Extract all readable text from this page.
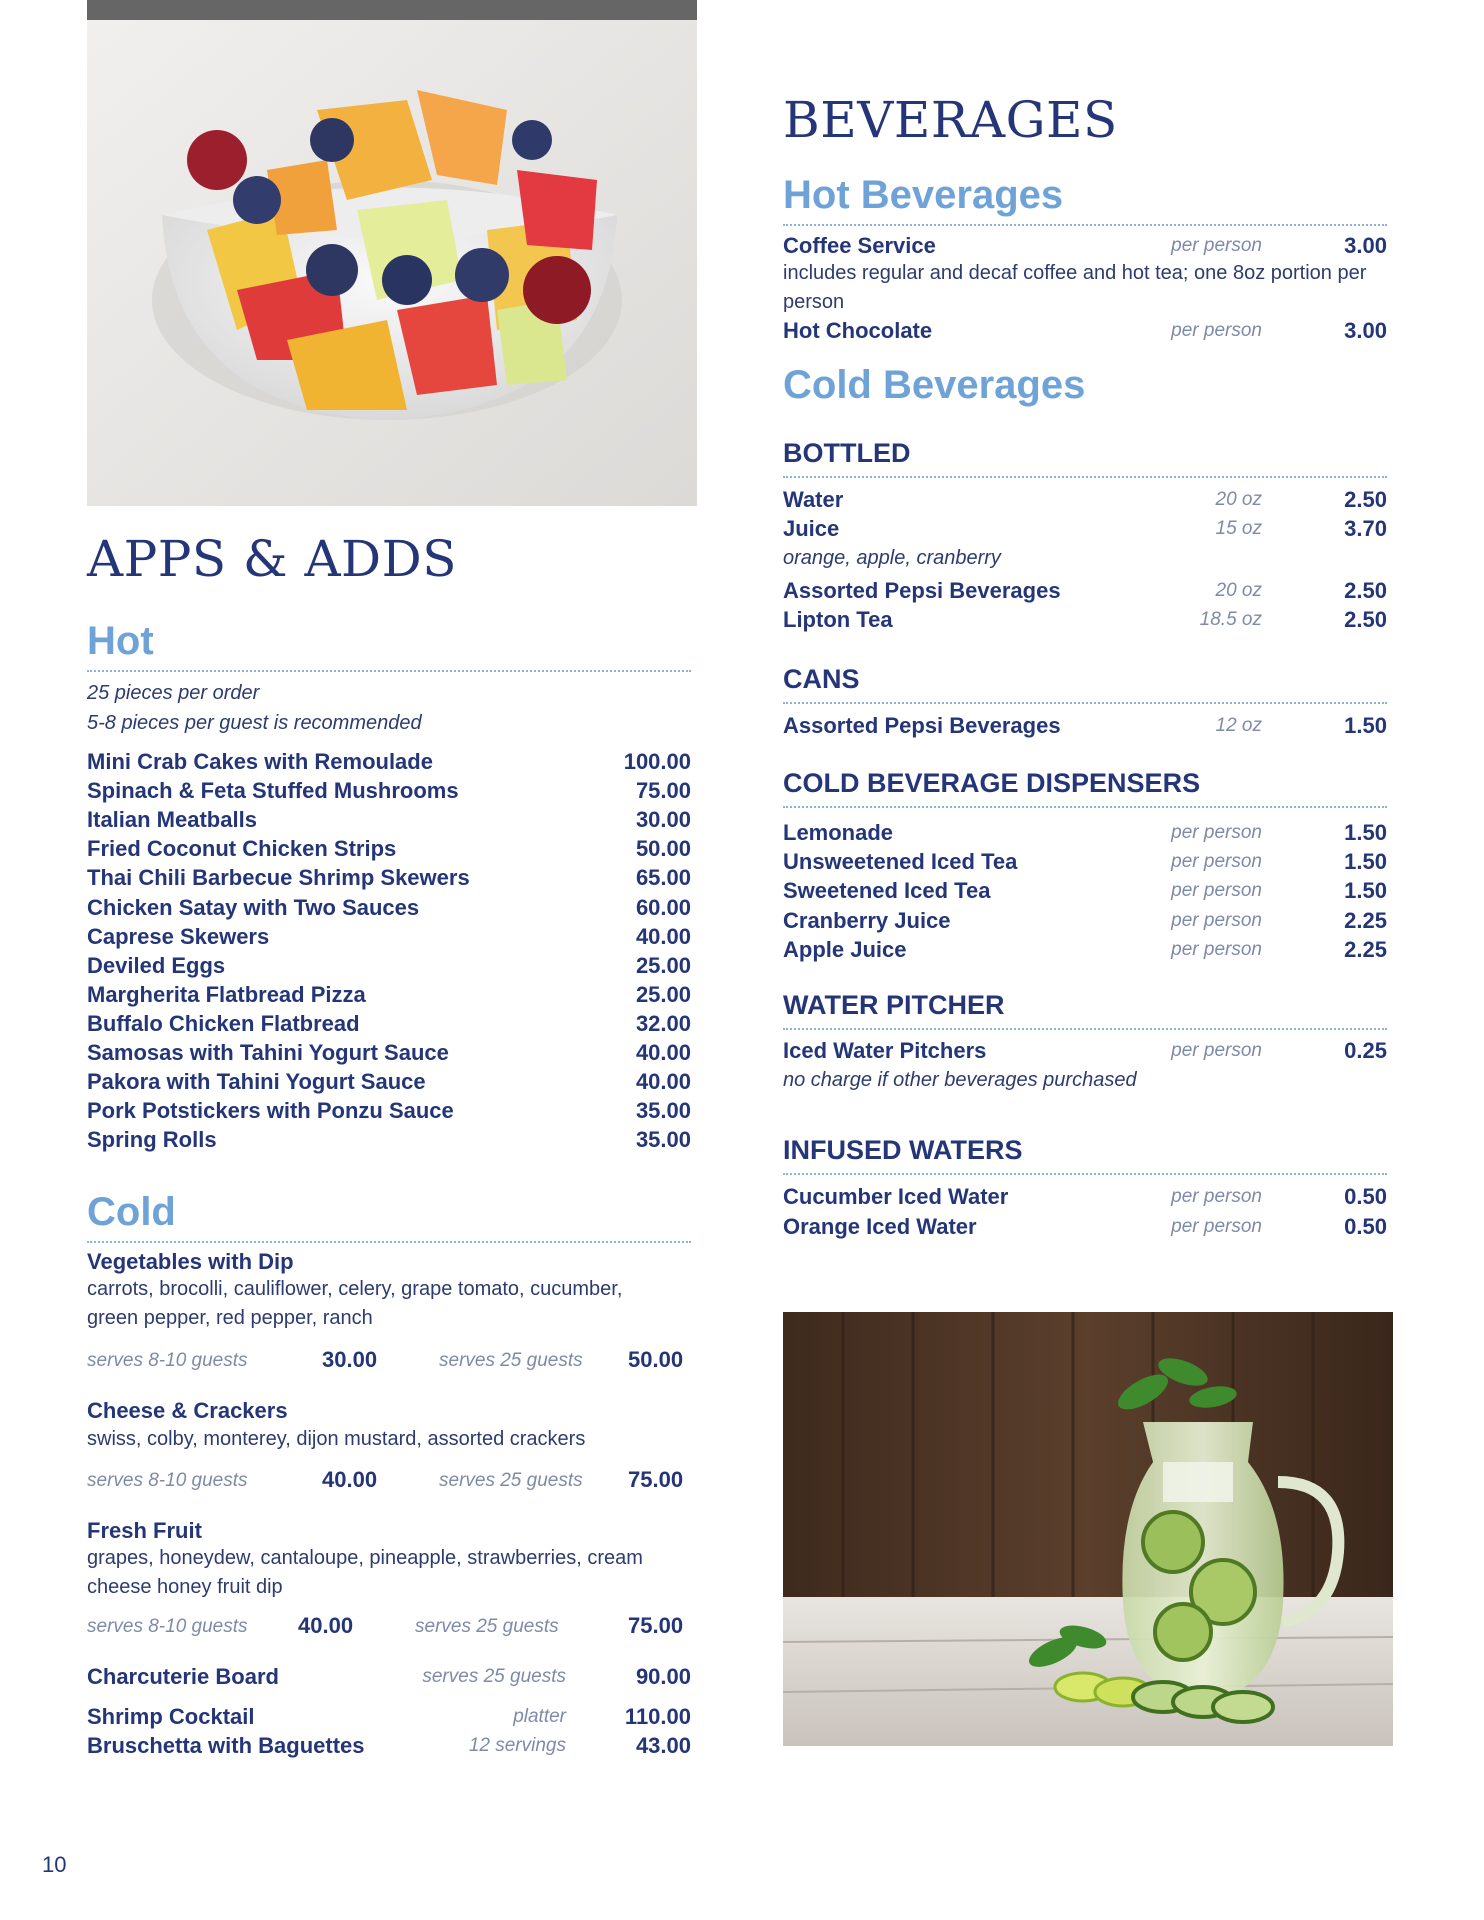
APPS & ADDS
Hot
25 pieces per order
5-8 pieces per guest is recommended
Mini Crab Cakes with Remoulade	100.00
Spinach & Feta Stuffed Mushrooms	75.00
Italian Meatballs	30.00
Fried Coconut Chicken Strips	50.00
Thai Chili Barbecue Shrimp Skewers	65.00
Chicken Satay with Two Sauces	60.00
Caprese Skewers	40.00
Deviled Eggs	25.00
Margherita Flatbread Pizza	25.00
Buffalo Chicken Flatbread	32.00
Samosas with Tahini Yogurt Sauce	40.00
Pakora with Tahini Yogurt Sauce	40.00
Pork Potstickers with Ponzu Sauce	35.00
Spring Rolls	35.00
Cold
Vegetables with Dip
carrots, brocolli, cauliflower, celery, grape tomato, cucumber, green pepper, red pepper, ranch
serves 8-10 guests	30.00	serves 25 guests 50.00
Cheese & Crackers
swiss, colby, monterey, dijon mustard, assorted crackers
serves 8-10 guests	40.00	serves 25 guests 75.00
Fresh Fruit
grapes, honeydew, cantaloupe, pineapple, strawberries, cream cheese honey fruit dip
serves 8-10 guests 40.00	serves 25 guests	75.00
Charcuterie Board	serves 25 guests	90.00
Shrimp Cocktail	platter	110.00
Bruschetta with Baguettes	12 servings	43.00
10
BEVERAGES
Hot Beverages
Coffee Service	per person	3.00
includes regular and decaf coffee and hot tea; one 8oz portion per person
Hot Chocolate	per person	3.00
Cold Beverages
BOTTLED
Water	20 oz	2.50
Juice	15 oz	3.70
orange, apple, cranberry
Assorted Pepsi Beverages	20 oz	2.50
Lipton Tea	18.5 oz	2.50
CANS
Assorted Pepsi Beverages	12 oz	1.50
COLD BEVERAGE DISPENSERS
Lemonade	per person	1.50
Unsweetened Iced Tea	per person	1.50
Sweetened Iced Tea	per person	1.50
Cranberry Juice	per person	2.25
Apple Juice	per person	2.25
WATER PITCHER
Iced Water Pitchers	per person	0.25
no charge if other beverages purchased
INFUSED WATERS
Cucumber Iced Water	per person	0.50
Orange Iced Water	per person	0.50
